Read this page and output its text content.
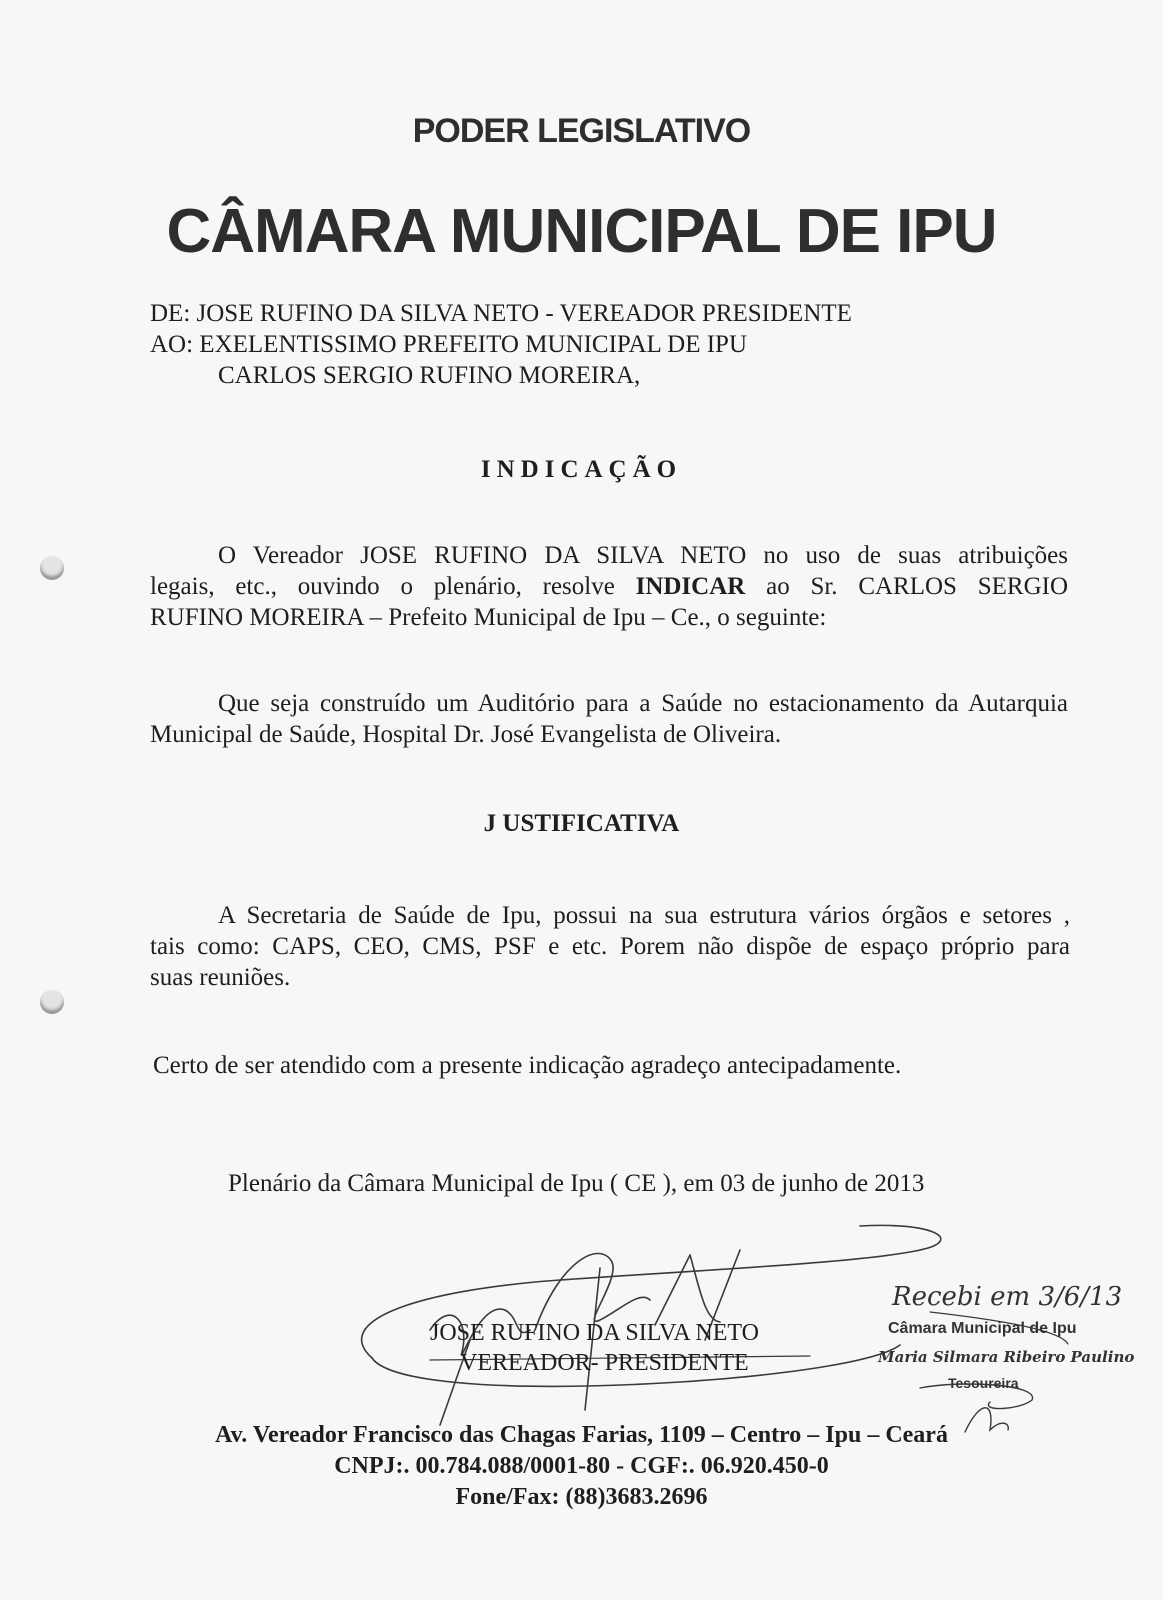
PODER LEGISLATIVO
CÂMARA MUNICIPAL DE IPU
DE: JOSE RUFINO DA SILVA NETO - VEREADOR PRESIDENTE
AO: EXELENTISSIMO PREFEITO MUNICIPAL DE IPU
CARLOS SERGIO RUFINO MOREIRA,
INDICAÇÃO
O Vereador JOSE RUFINO DA SILVA NETO no uso de suas atribuições
legais, etc., ouvindo o plenário, resolve INDICAR ao Sr. CARLOS SERGIO
RUFINO MOREIRA – Prefeito Municipal de Ipu – Ce., o seguinte:
Que seja construído um Auditório para a Saúde no estacionamento da Autarquia
Municipal de Saúde, Hospital Dr. José Evangelista de Oliveira.
J USTIFICATIVA
A Secretaria de Saúde de Ipu, possui na sua estrutura vários órgãos e setores ,
tais como: CAPS, CEO, CMS, PSF e etc. Porem não dispõe de espaço próprio para
suas reuniões.
Certo de ser atendido com a presente indicação agradeço antecipadamente.
Plenário da Câmara Municipal de Ipu ( CE ), em 03 de junho de 2013
JOSE RUFINO DA SILVA NETO
VEREADOR- PRESIDENTE
Recebi em 3/6/13
Câmara Municipal de Ipu
Maria Silmara Ribeiro Paulino
Tesoureira
Av. Vereador Francisco das Chagas Farias, 1109 – Centro – Ipu – Ceará
CNPJ:. 00.784.088/0001-80 - CGF:. 06.920.450-0
Fone/Fax: (88)3683.2696
